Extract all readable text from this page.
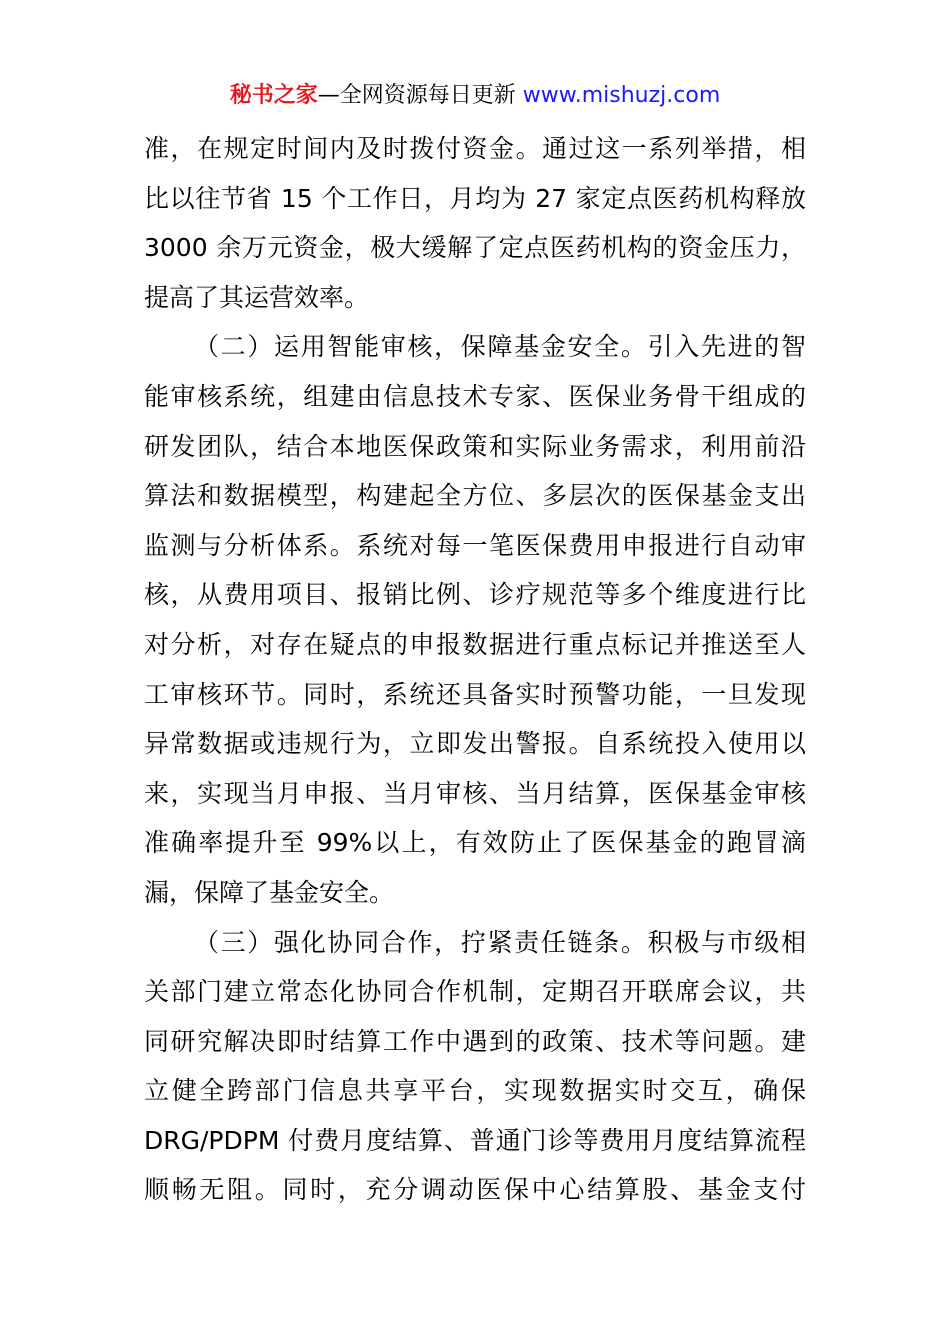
秘书之家—全网资源每日更新 www.mishuzj.com
准，在规定时间内及时拨付资金。通过这一系列举措，相
比以往节省 15 个工作日，月均为 27 家定点医药机构释放
3000 余万元资金，极大缓解了定点医药机构的资金压力，
提高了其运营效率。
（二）运用智能审核，保障基金安全。引入先进的智
能审核系统，组建由信息技术专家、医保业务骨干组成的
研发团队，结合本地医保政策和实际业务需求，利用前沿
算法和数据模型，构建起全方位、多层次的医保基金支出
监测与分析体系。系统对每一笔医保费用申报进行自动审
核，从费用项目、报销比例、诊疗规范等多个维度进行比
对分析，对存在疑点的申报数据进行重点标记并推送至人
工审核环节。同时，系统还具备实时预警功能，一旦发现
异常数据或违规行为，立即发出警报。自系统投入使用以
来，实现当月申报、当月审核、当月结算，医保基金审核
准确率提升至 99%以上，有效防止了医保基金的跑冒滴
漏，保障了基金安全。
（三）强化协同合作，拧紧责任链条。积极与市级相
关部门建立常态化协同合作机制，定期召开联席会议，共
同研究解决即时结算工作中遇到的政策、技术等问题。建
立健全跨部门信息共享平台，实现数据实时交互，确保
DRG/PDPM 付费月度结算、普通门诊等费用月度结算流程
顺畅无阻。同时，充分调动医保中心结算股、基金支付
